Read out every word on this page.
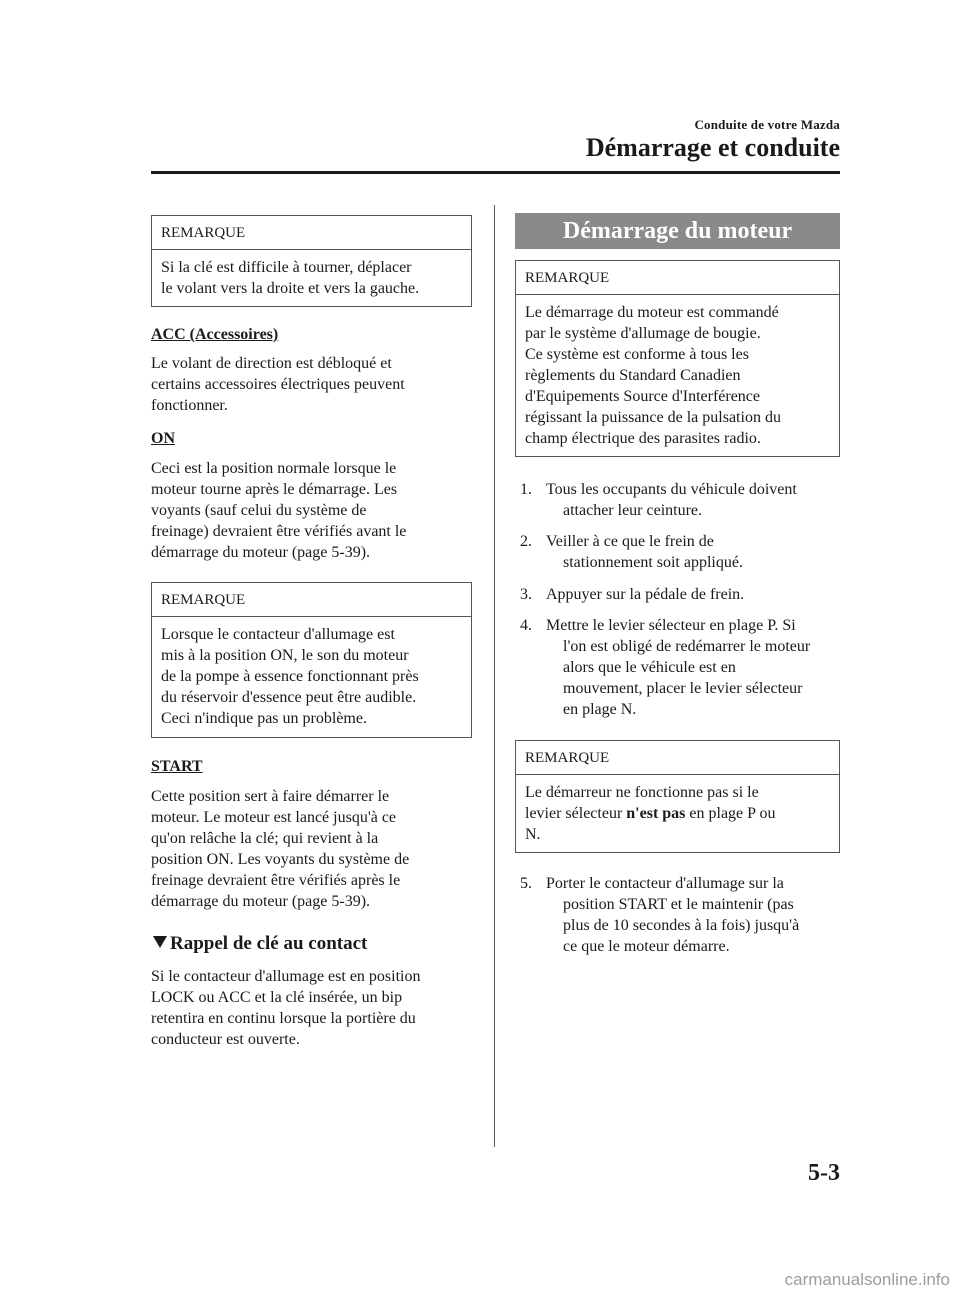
Conduite de votre Mazda
Démarrage et conduite
REMARQUE
Si la clé est difficile à tourner, déplacer
le volant vers la droite et vers la gauche.
ACC (Accessoires)
Le volant de direction est débloqué et
certains accessoires électriques peuvent
fonctionner.
ON
Ceci est la position normale lorsque le
moteur tourne après le démarrage. Les
voyants (sauf celui du système de
freinage) devraient être vérifiés avant le
démarrage du moteur (page 5-39).
REMARQUE
Lorsque le contacteur d'allumage est
mis à la position ON, le son du moteur
de la pompe à essence fonctionnant près
du réservoir d'essence peut être audible.
Ceci n'indique pas un problème.
START
Cette position sert à faire démarrer le
moteur. Le moteur est lancé jusqu'à ce
qu'on relâche la clé; qui revient à la
position ON. Les voyants du système de
freinage devraient être vérifiés après le
démarrage du moteur (page 5-39).
Rappel de clé au contact
Si le contacteur d'allumage est en position
LOCK ou ACC et la clé insérée, un bip
retentira en continu lorsque la portière du
conducteur est ouverte.
Démarrage du moteur
REMARQUE
Le démarrage du moteur est commandé
par le système d'allumage de bougie.
Ce système est conforme à tous les
règlements du Standard Canadien
d'Equipements Source d'Interférence
régissant la puissance de la pulsation du
champ électrique des parasites radio.
1. Tous les occupants du véhicule doivent
attacher leur ceinture.
2. Veiller à ce que le frein de
stationnement soit appliqué.
3. Appuyer sur la pédale de frein.
4. Mettre le levier sélecteur en plage P. Si
l'on est obligé de redémarrer le moteur
alors que le véhicule est en
mouvement, placer le levier sélecteur
en plage N.
REMARQUE
Le démarreur ne fonctionne pas si le
levier sélecteur n'est pas en plage P ou
N.
5. Porter le contacteur d'allumage sur la
position START et le maintenir (pas
plus de 10 secondes à la fois) jusqu'à
ce que le moteur démarre.
5-3
carmanualsonline.info
